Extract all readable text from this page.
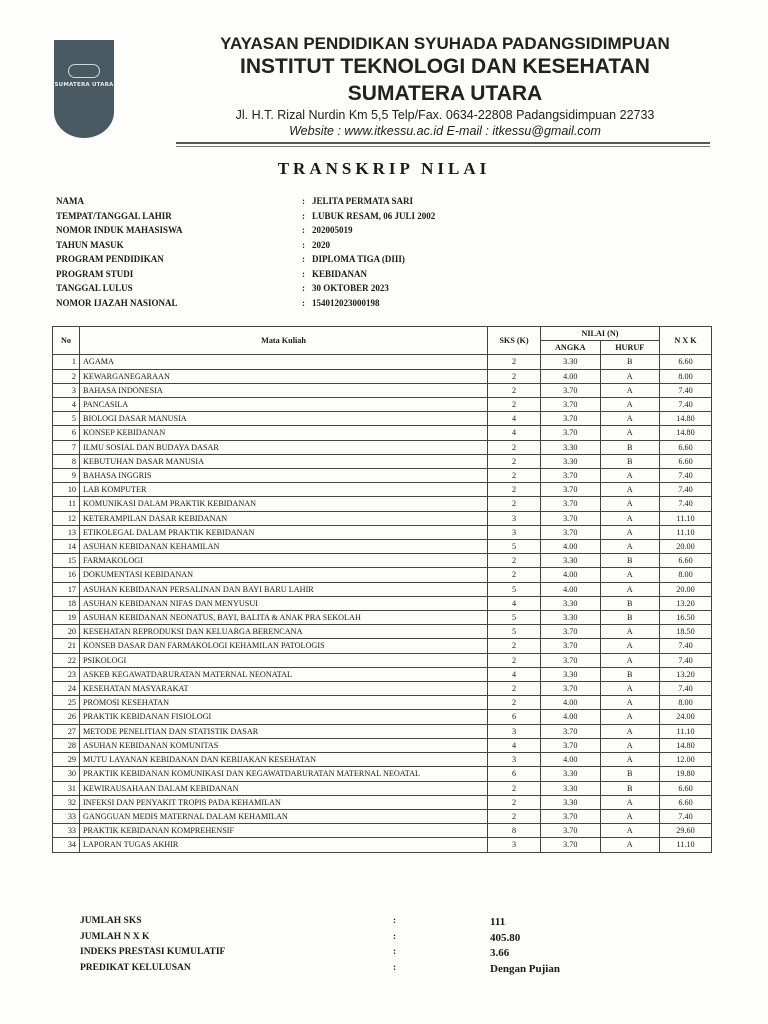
SUMATERA UTARA
YAYASAN PENDIDIKAN SYUHADA PADANGSIDIMPUAN
INSTITUT TEKNOLOGI DAN KESEHATAN
SUMATERA UTARA
Jl. H.T. Rizal Nurdin Km 5,5 Telp/Fax. 0634-22808 Padangsidimpuan 22733
Website : www.itkessu.ac.id E-mail : itkessu@gmail.com
TRANSKRIP NILAI
NAMA	: JELITA PERMATA SARI
TEMPAT/TANGGAL LAHIR	: LUBUK RESAM, 06 JULI 2002
NOMOR INDUK MAHASISWA	: 202005019
TAHUN MASUK	: 2020
PROGRAM PENDIDIKAN	: DIPLOMA TIGA (DIII)
PROGRAM STUDI	: KEBIDANAN
TANGGAL LULUS	: 30 OKTOBER 2023
NOMOR IJAZAH NASIONAL	: 154012023000198
No	Mata Kuliah	SKS (K)	NILAI (N)		N X K
			ANGKA	HURUF	
1	AGAMA	2	3.30	B	6.60
2	KEWARGANEGARAAN	2	4.00	A	8.00
3	BAHASA INDONESIA	2	3.70	A	7.40
4	PANCASILA	2	3.70	A	7.40
5	BIOLOGI DASAR MANUSIA	4	3.70	A	14.80
6	KONSEP KEBIDANAN	4	3.70	A	14.80
7	ILMU SOSIAL DAN BUDAYA DASAR	2	3.30	B	6.60
8	KEBUTUHAN DASAR MANUSIA	2	3.30	B	6.60
9	BAHASA INGGRIS	2	3.70	A	7.40
10	LAB KOMPUTER	2	3.70	A	7.40
11	KOMUNIKASI DALAM PRAKTIK KEBIDANAN	2	3.70	A	7.40
12	KETERAMPILAN DASAR KEBIDANAN	3	3.70	A	11.10
13	ETIKOLEGAL DALAM PRAKTIK KEBIDANAN	3	3.70	A	11.10
14	ASUHAN KEBIDANAN KEHAMILAN	5	4.00	A	20.00
15	FARMAKOLOGI	2	3.30	B	6.60
16	DOKUMENTASI KEBIDANAN	2	4.00	A	8.00
17	ASUHAN KEBIDANAN PERSALINAN DAN BAYI BARU LAHIR	5	4.00	A	20.00
18	ASUHAN KEBIDANAN NIFAS DAN MENYUSUI	4	3.30	B	13.20
19	ASUHAN KEBIDANAN NEONATUS, BAYI, BALITA & ANAK PRA SEKOLAH	5	3.30	B	16.50
20	KESEHATAN REPRODUKSI DAN KELUARGA BERENCANA	5	3.70	A	18.50
21	KONSEB DASAR DAN FARMAKOLOGI KEHAMILAN PATOLOGIS	2	3.70	A	7.40
22	PSIKOLOGI	2	3.70	A	7.40
23	ASKEB KEGAWATDARURATAN MATERNAL NEONATAL	4	3.30	B	13.20
24	KESEHATAN MASYARAKAT	2	3.70	A	7.40
25	PROMOSI KESEHATAN	2	4.00	A	8.00
26	PRAKTIK KEBIDANAN FISIOLOGI	6	4.00	A	24.00
27	METODE PENELITIAN DAN STATISTIK DASAR	3	3.70	A	11.10
28	ASUHAN KEBIDANAN KOMUNITAS	4	3.70	A	14.80
29	MUTU LAYANAN KEBIDANAN DAN KEBIJAKAN KESEHATAN	3	4.00	A	12.00
30	PRAKTIK KEBIDANAN KOMUNIKASI DAN KEGAWATDARURATAN MATERNAL NEOATAL	6	3.30	B	19.80
31	KEWIRAUSAHAAN DALAM KEBIDANAN	2	3.30	B	6.60
32	INFEKSI DAN PENYAKIT TROPIS PADA KEHAMILAN	2	3.30	A	6.60
33	GANGGUAN MEDIS MATERNAL DALAM KEHAMILAN	2	3.70	A	7.40
33	PRAKTIK KEBIDANAN KOMPREHENSIF	8	3.70	A	29.60
34	LAPORAN TUGAS AKHIR	3	3.70	A	11.10
JUMLAH SKS	:	111
JUMLAH N X K	:	405.80
INDEKS PRESTASI KUMULATIF	:	3.66
PREDIKAT KELULUSAN	:	Dengan Pujian
